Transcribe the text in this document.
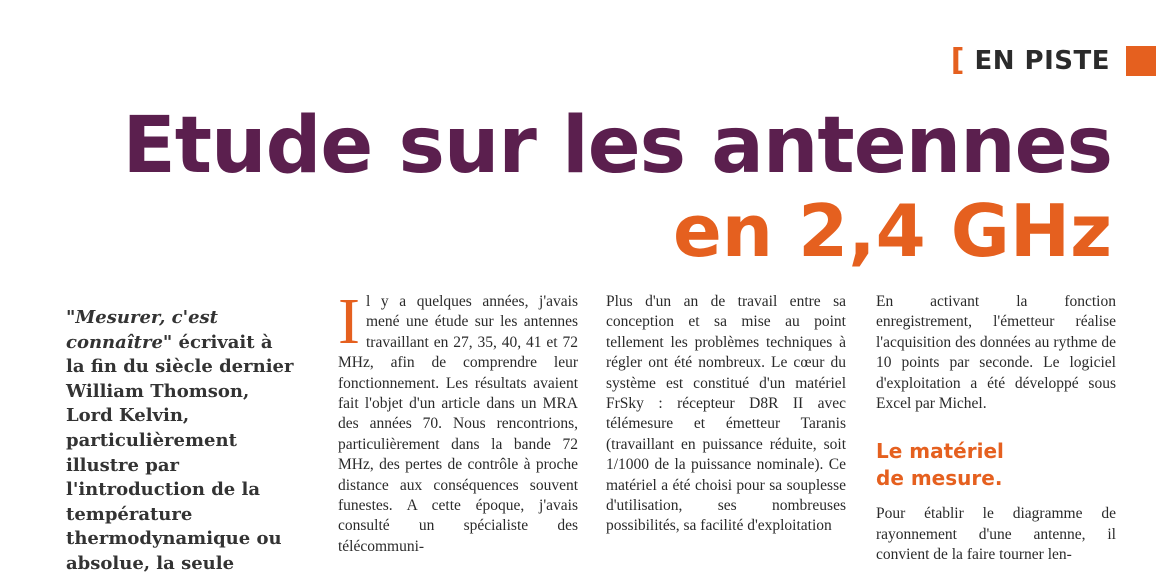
[ EN PISTE
Etude sur les antennes
en 2,4 GHz
"Mesurer, c'est connaître" écrivait à la fin du siècle dernier William Thomson, Lord Kelvin, particulièrement illustre par l'introduction de la température thermodynamique ou absolue, la seule

Il y a quelques années, j'avais mené une étude sur les antennes travaillant en 27, 35, 40, 41 et 72 MHz, afin de comprendre leur fonctionnement. Les résultats avaient fait l'objet d'un article dans un MRA des années 70. Nous rencontrions, particulièrement dans la bande 72 MHz, des pertes de contrôle à proche distance aux conséquences souvent funestes. A cette époque, j'avais consulté un spécialiste des télécommuni-

Plus d'un an de travail entre sa conception et sa mise au point tellement les problèmes techniques à régler ont été nombreux. Le cœur du système est constitué d'un matériel FrSky : récepteur D8R II avec télémesure et émetteur Taranis (travaillant en puissance réduite, soit 1/1000 de la puissance nominale). Ce matériel a été choisi pour sa souplesse d'utilisation, ses nombreuses possibilités, sa facilité d'exploitation

En activant la fonction enregistrement, l'émetteur réalise l'acquisition des données au rythme de 10 points par seconde. Le logiciel d'exploitation a été développé sous Excel par Michel.

Le matériel
de mesure.

Pour établir le diagramme de rayonnement d'une antenne, il convient de la faire tourner len-
